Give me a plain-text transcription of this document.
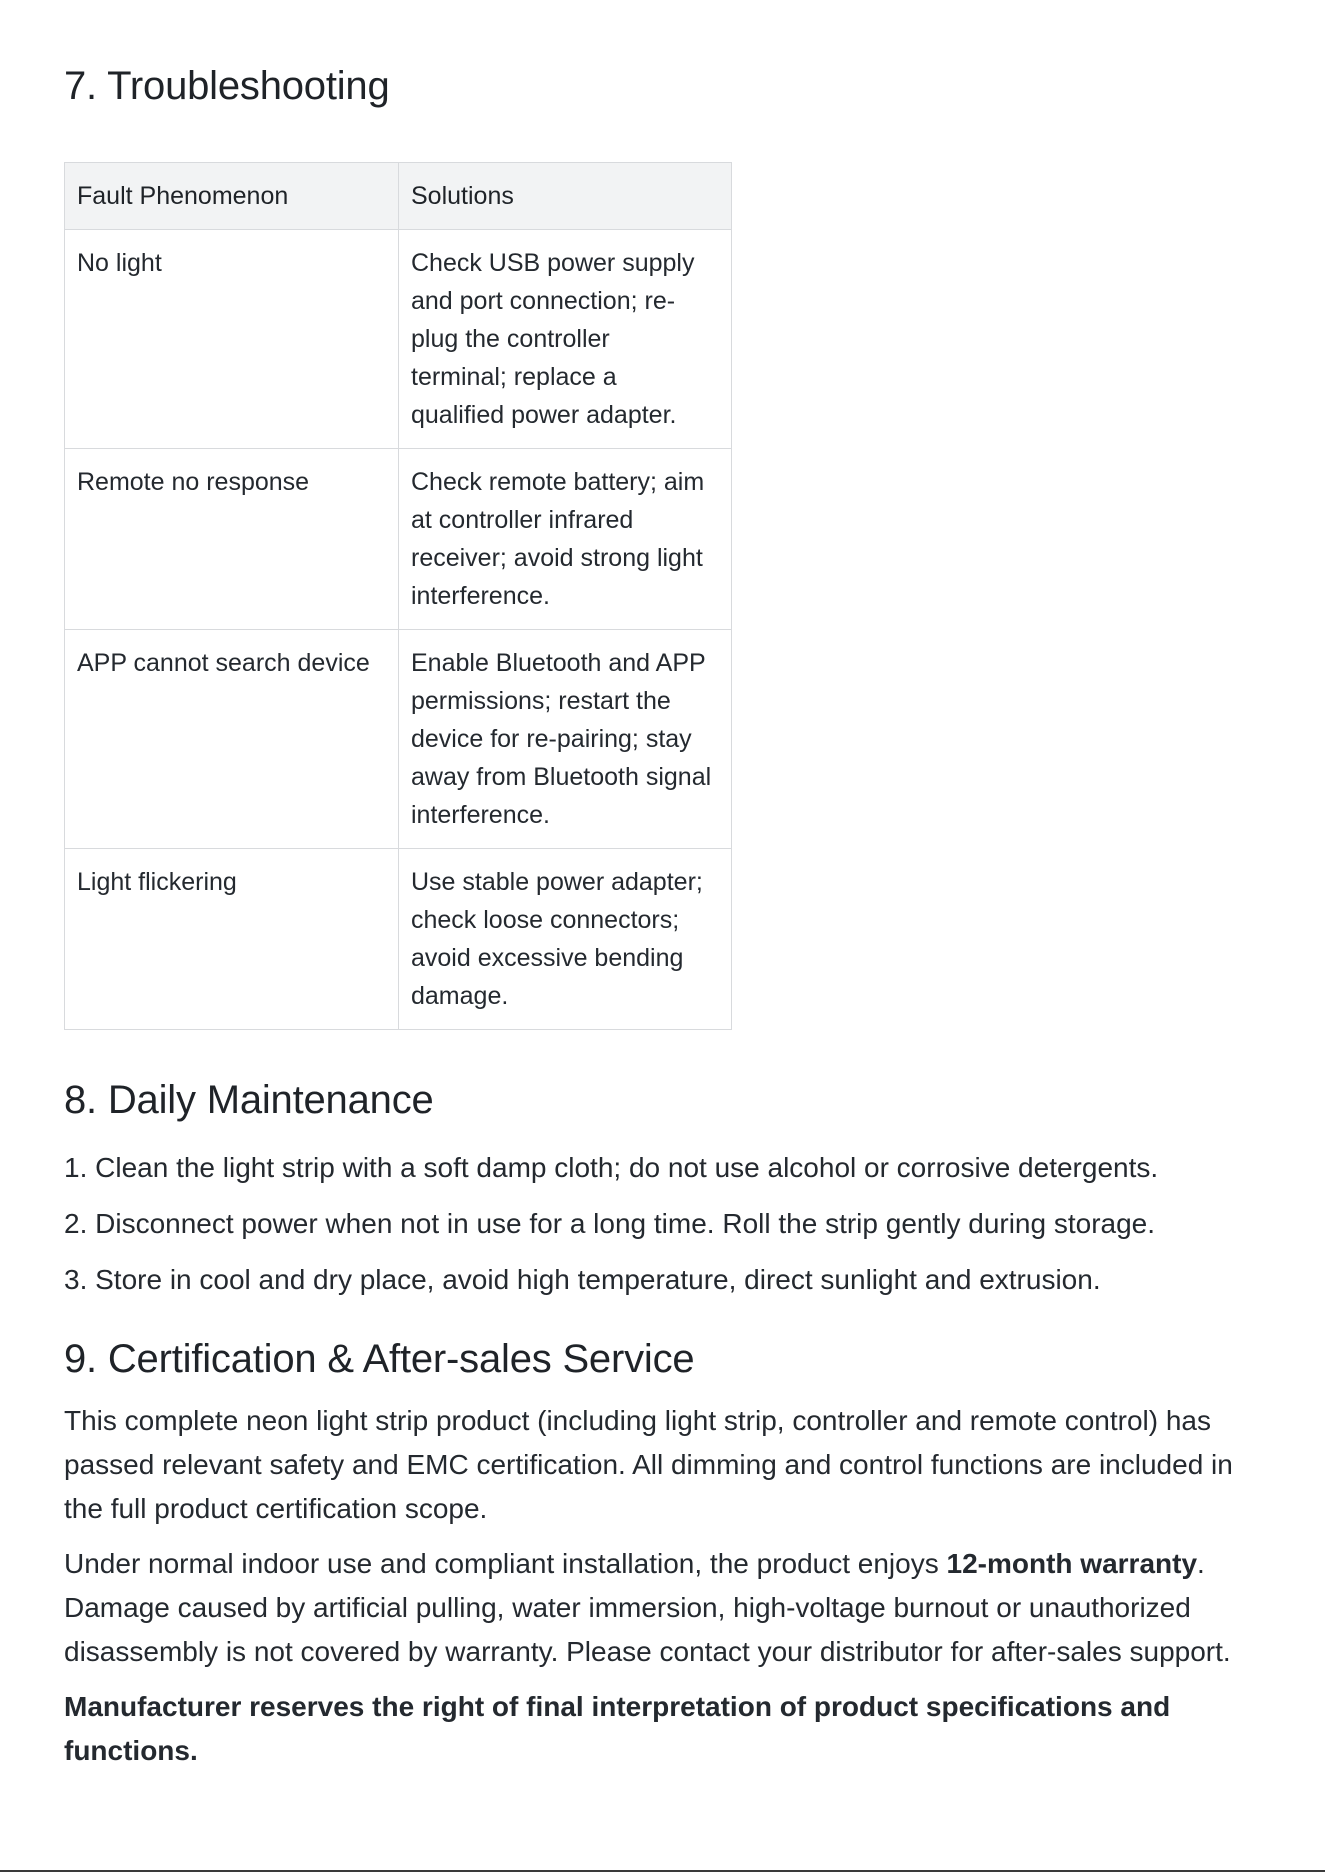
7. Troubleshooting
Fault Phenomenon	Solutions
No light	Check USB power supply
and port connection; re-
plug the controller
terminal; replace a
qualified power adapter.

Remote no response	Check remote battery; aim
at controller infrared
receiver; avoid strong light
interference.

APP cannot search device	Enable Bluetooth and APP
permissions; restart the
device for re-pairing; stay
away from Bluetooth signal
interference.

Light flickering	Use stable power adapter;
check loose connectors;
avoid excessive bending
damage.
8. Daily Maintenance
1. Clean the light strip with a soft damp cloth; do not use alcohol or corrosive detergents.
2. Disconnect power when not in use for a long time. Roll the strip gently during storage.
3. Store in cool and dry place, avoid high temperature, direct sunlight and extrusion.
9. Certification & After-sales Service

This complete neon light strip product (including light strip, controller and remote control) has passed relevant safety and EMC certification. All dimming and control functions are included in the full product certification scope.

Under normal indoor use and compliant installation, the product enjoys 12-month warranty. Damage caused by artificial pulling, water immersion, high-voltage burnout or unauthorized disassembly is not covered by warranty. Please contact your distributor for after-sales support.

Manufacturer reserves the right of final interpretation of product specifications and functions.
